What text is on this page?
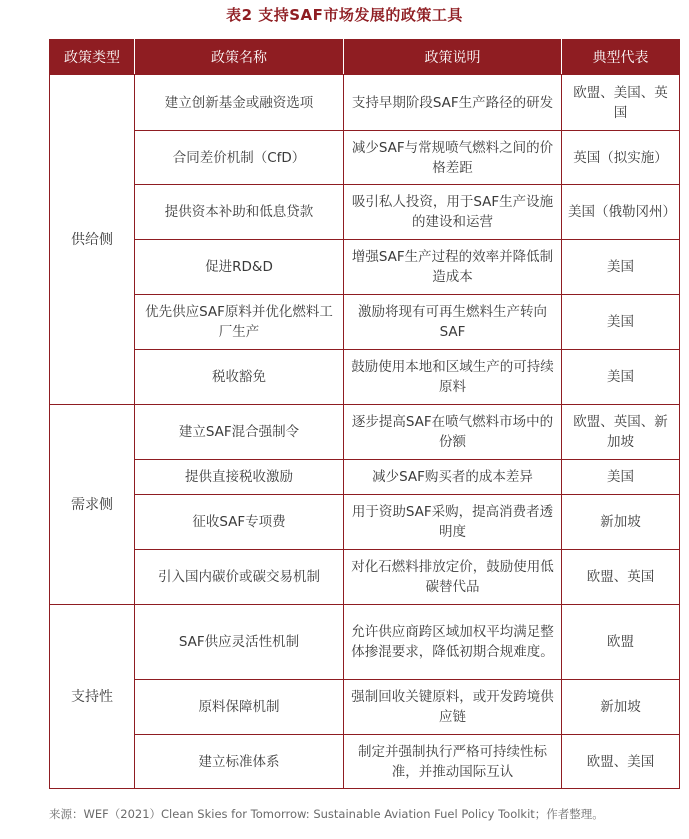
表2 支持SAF市场发展的政策工具
政策类型	政策名称	政策说明	典型代表
供给侧	建立创新基金或融资选项	支持早期阶段SAF生产路径的研发	欧盟、美国、英国
	合同差价机制（CfD）	减少SAF与常规喷气燃料之间的价格差距	英国（拟实施）
	提供资本补助和低息贷款	吸引私人投资，用于SAF生产设施的建设和运营	美国（俄勒冈州）
	促进RD&D	增强SAF生产过程的效率并降低制造成本	美国
	优先供应SAF原料并优化燃料工厂生产	激励将现有可再生燃料生产转向SAF	美国
	税收豁免	鼓励使用本地和区域生产的可持续原料	美国
需求侧	建立SAF混合强制令	逐步提高SAF在喷气燃料市场中的份额	欧盟、英国、新加坡
	提供直接税收激励	减少SAF购买者的成本差异	美国
	征收SAF专项费	用于资助SAF采购，提高消费者透明度	新加坡
	引入国内碳价或碳交易机制	对化石燃料排放定价，鼓励使用低碳替代品	欧盟、英国
支持性	SAF供应灵活性机制	允许供应商跨区域加权平均满足整体掺混要求，降低初期合规难度。	欧盟
	原料保障机制	强制回收关键原料，或开发跨境供应链	新加坡
	建立标准体系	制定并强制执行严格可持续性标准，并推动国际互认	欧盟、美国
来源：WEF（2021）Clean Skies for Tomorrow: Sustainable Aviation Fuel Policy Toolkit；作者整理。
